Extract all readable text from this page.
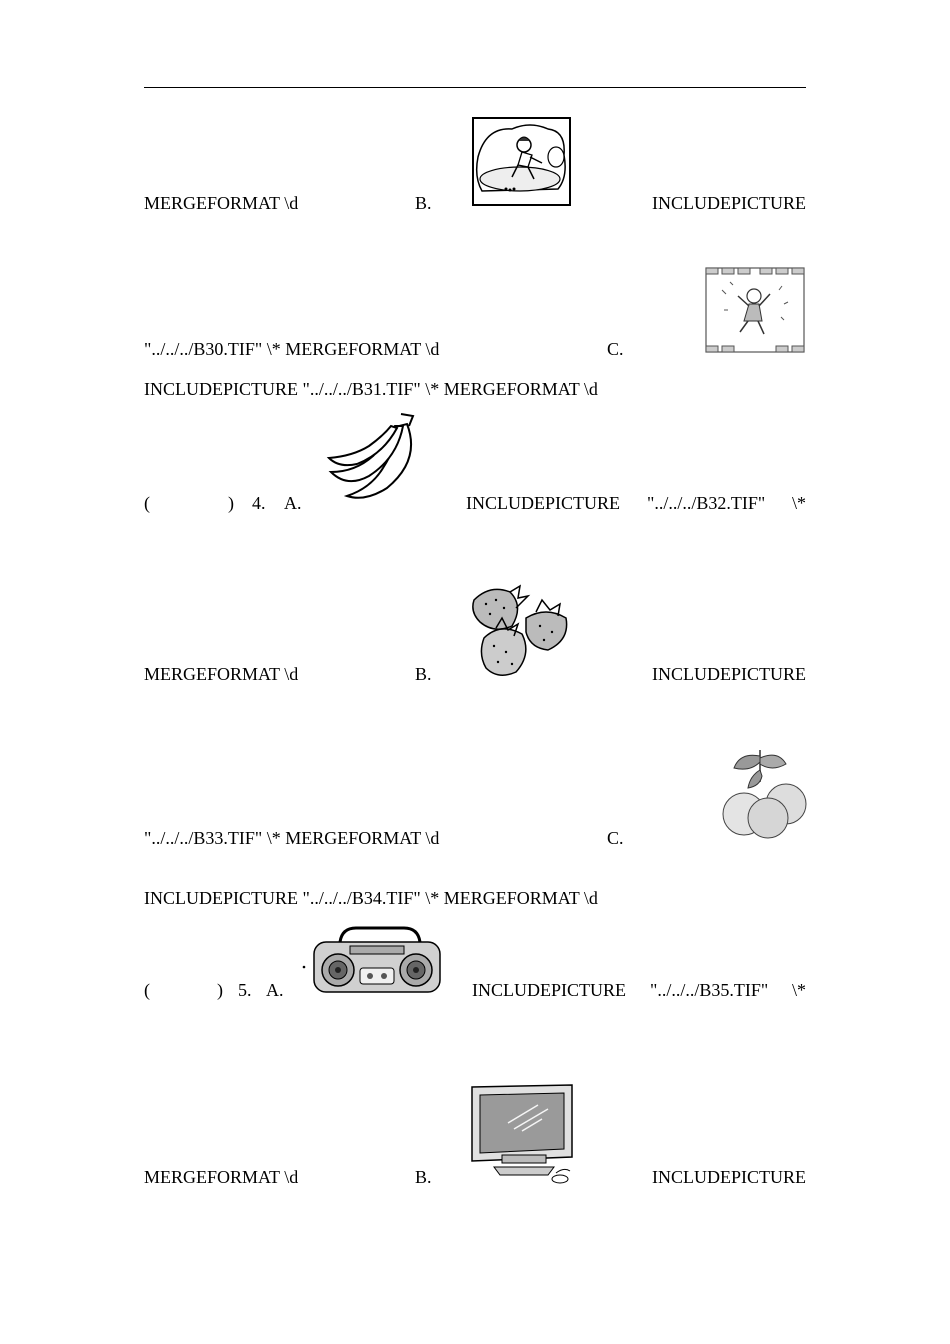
MERGEFORMAT \d	B.	INCLUDEPICTURE
"../../../B30.TIF" \* MERGEFORMAT \d	C.
INCLUDEPICTURE "../../../B31.TIF" \* MERGEFORMAT \d
(	) 4. A.	INCLUDEPICTURE "../../../B32.TIF" \*
MERGEFORMAT \d	B.	INCLUDEPICTURE
"../../../B33.TIF" \* MERGEFORMAT \d	C.
INCLUDEPICTURE "../../../B34.TIF" \* MERGEFORMAT \d
(	) 5. A.	INCLUDEPICTURE "../../../B35.TIF" \*
MERGEFORMAT \d	B.	INCLUDEPICTURE
